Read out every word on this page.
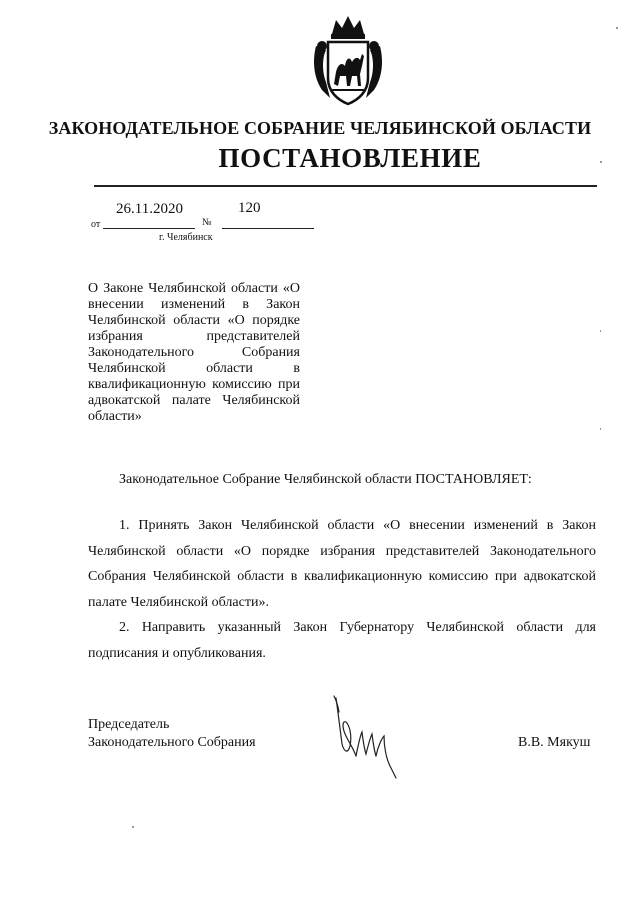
ЗАКОНОДАТЕЛЬНОЕ СОБРАНИЕ ЧЕЛЯБИНСКОЙ ОБЛАСТИ
ПОСТАНОВЛЕНИЕ
26.11.2020	120
от	№
г. Челябинск
О Законе Челябинской области «О внесении изменений в Закон Челябинской области «О порядке избрания представителей Законодательного Собрания Челябинской области в квалификационную комиссию при адвокатской палате Челябинской области»
Законодательное Собрание Челябинской области ПОСТАНОВЛЯЕТ:
1. Принять Закон Челябинской области «О внесении изменений в Закон Челябинской области «О порядке избрания представителей Законодательного Собрания Челябинской области в квалификационную комиссию при адвокатской палате Челябинской области».
2. Направить указанный Закон Губернатору Челябинской области для подписания и опубликования.
Председатель
Законодательного Собрания	В.В. Мякуш
